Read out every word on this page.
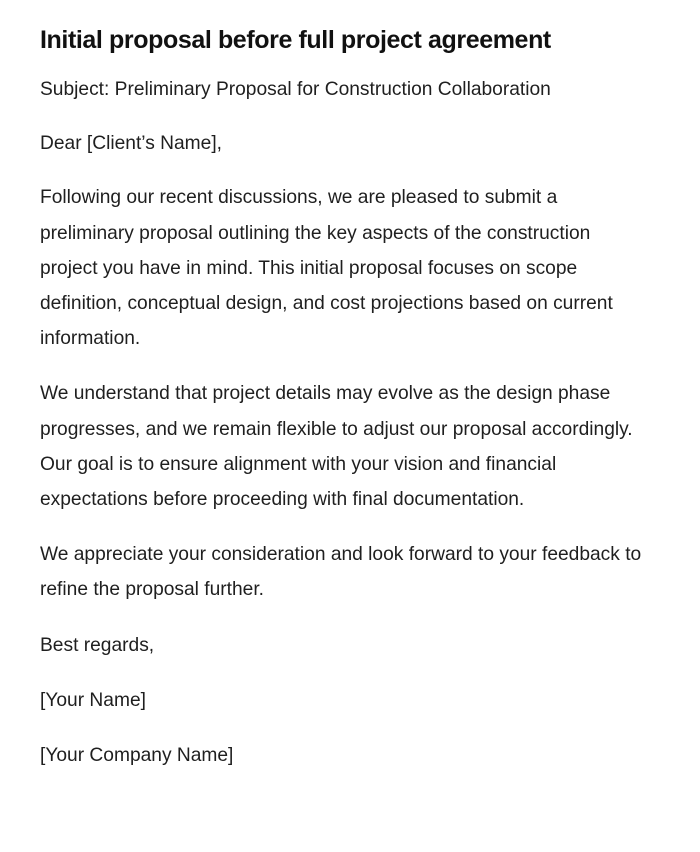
Initial proposal before full project agreement

Subject: Preliminary Proposal for Construction Collaboration

Dear [Client’s Name],

Following our recent discussions, we are pleased to submit a preliminary proposal outlining the key aspects of the construction project you have in mind. This initial proposal focuses on scope definition, conceptual design, and cost projections based on current information.

We understand that project details may evolve as the design phase progresses, and we remain flexible to adjust our proposal accordingly. Our goal is to ensure alignment with your vision and financial expectations before proceeding with final documentation.

We appreciate your consideration and look forward to your feedback to refine the proposal further.

Best regards,

[Your Name]

[Your Company Name]
